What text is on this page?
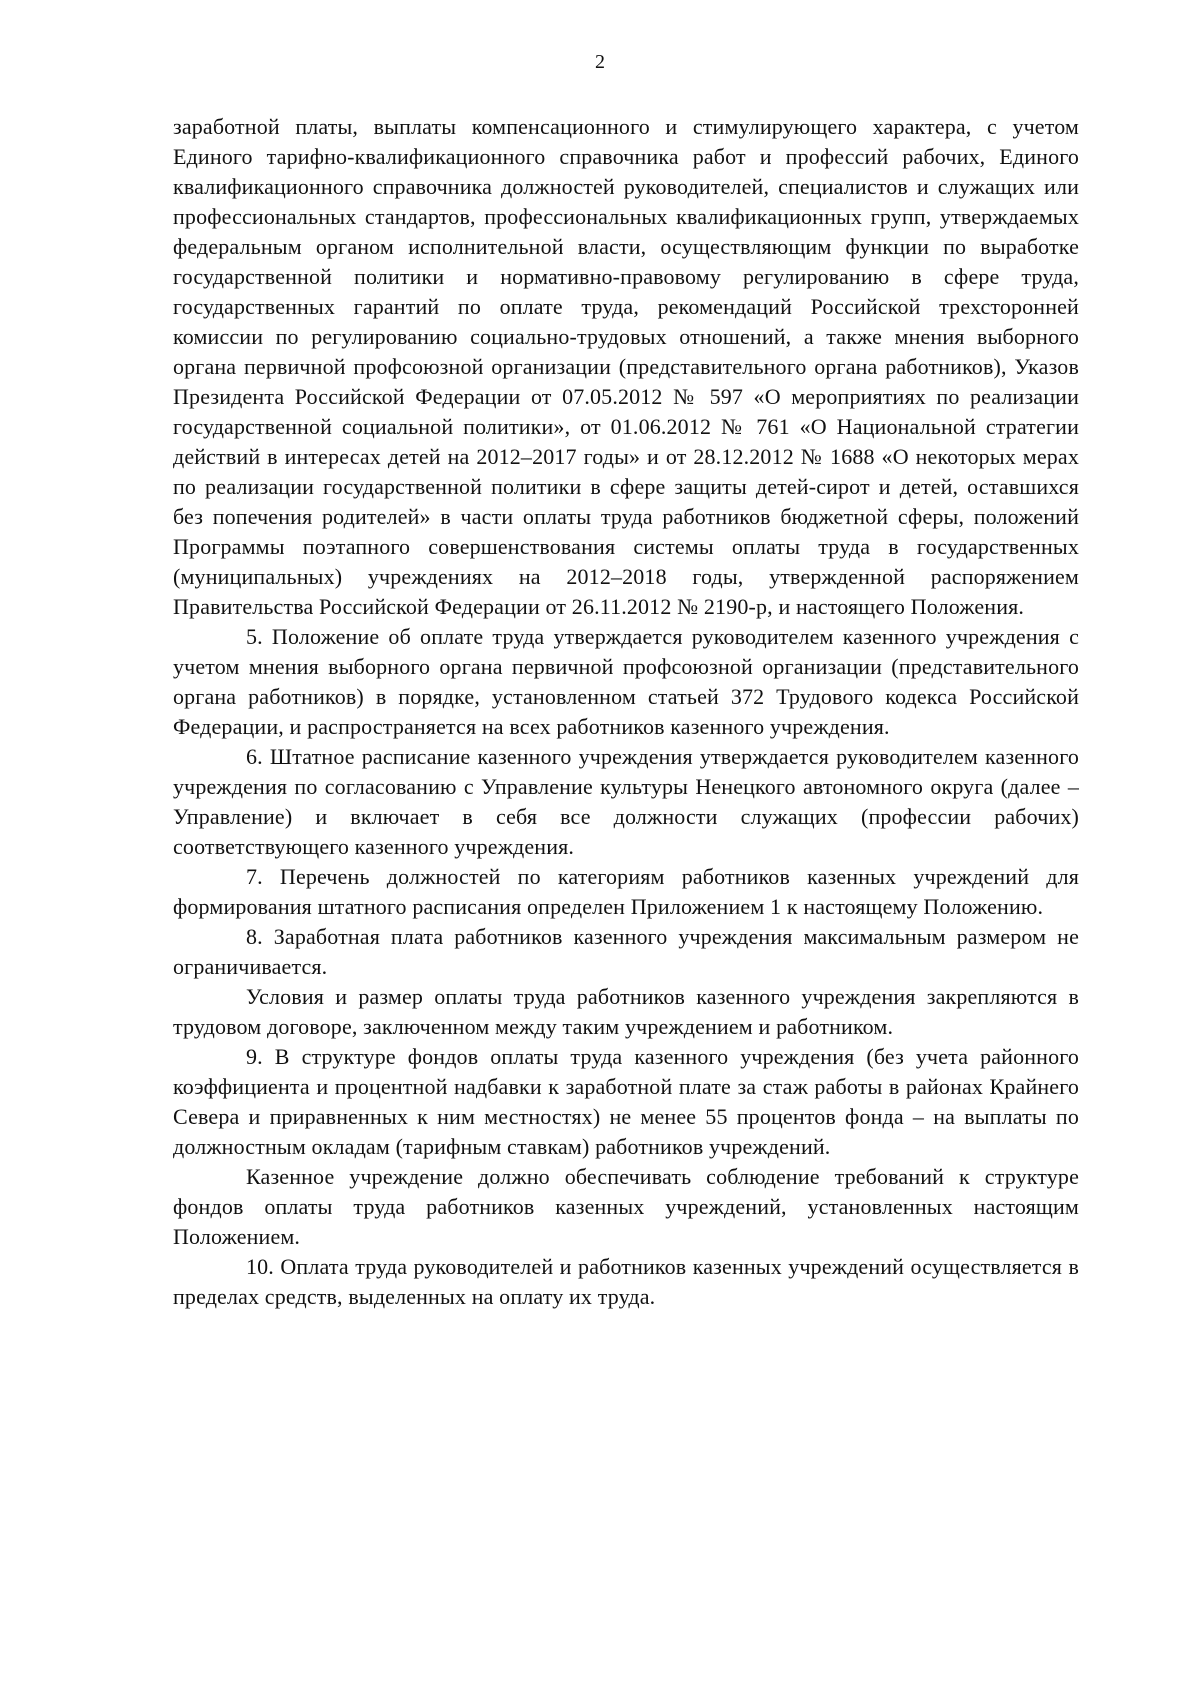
2

заработной платы, выплаты компенсационного и стимулирующего характера, с учетом Единого тарифно-квалификационного справочника работ и профессий рабочих, Единого квалификационного справочника должностей руководителей, специалистов и служащих или профессиональных стандартов, профессиональных квалификационных групп, утверждаемых федеральным органом исполнительной власти, осуществляющим функции по выработке государственной политики и нормативно-правовому регулированию в сфере труда, государственных гарантий по оплате труда, рекомендаций Российской трехсторонней комиссии по регулированию социально-трудовых отношений, а также мнения выборного органа первичной профсоюзной организации (представительного органа работников), Указов Президента Российской Федерации от 07.05.2012 № 597 «О мероприятиях по реализации государственной социальной политики», от 01.06.2012 № 761 «О Национальной стратегии действий в интересах детей на 2012–2017 годы» и от 28.12.2012 № 1688 «О некоторых мерах по реализации государственной политики в сфере защиты детей-сирот и детей, оставшихся без попечения родителей» в части оплаты труда работников бюджетной сферы, положений Программы поэтапного совершенствования системы оплаты труда в государственных (муниципальных) учреждениях на 2012–2018 годы, утвержденной распоряжением Правительства Российской Федерации от 26.11.2012 № 2190-р, и настоящего Положения.

5. Положение об оплате труда утверждается руководителем казенного учреждения с учетом мнения выборного органа первичной профсоюзной организации (представительного органа работников) в порядке, установленном статьей 372 Трудового кодекса Российской Федерации, и распространяется на всех работников казенного учреждения.

6. Штатное расписание казенного учреждения утверждается руководителем казенного учреждения по согласованию с Управление культуры Ненецкого автономного округа (далее – Управление) и включает в себя все должности служащих (профессии рабочих) соответствующего казенного учреждения.

7. Перечень должностей по категориям работников казенных учреждений для формирования штатного расписания определен Приложением 1 к настоящему Положению.

8. Заработная плата работников казенного учреждения максимальным размером не ограничивается.

Условия и размер оплаты труда работников казенного учреждения закрепляются в трудовом договоре, заключенном между таким учреждением и работником.

9. В структуре фондов оплаты труда казенного учреждения (без учета районного коэффициента и процентной надбавки к заработной плате за стаж работы в районах Крайнего Севера и приравненных к ним местностях) не менее 55 процентов фонда – на выплаты по должностным окладам (тарифным ставкам) работников учреждений.

Казенное учреждение должно обеспечивать соблюдение требований к структуре фондов оплаты труда работников казенных учреждений, установленных настоящим Положением.

10. Оплата труда руководителей и работников казенных учреждений осуществляется в пределах средств, выделенных на оплату их труда.
